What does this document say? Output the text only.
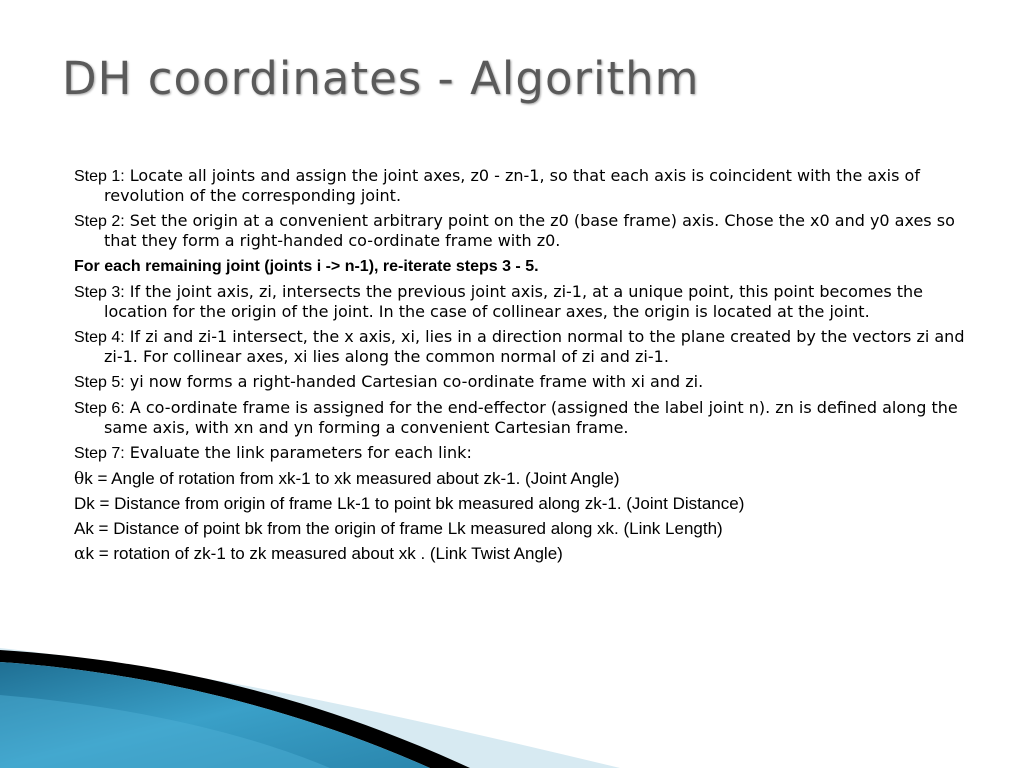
DH coordinates - Algorithm

Step 1: Locate all joints and assign the joint axes, z0 - zn-1, so that each axis is coincident with the axis of revolution of the corresponding joint.

Step 2: Set the origin at a convenient arbitrary point on the z0 (base frame) axis. Chose the x0 and y0 axes so that they form a right-handed co-ordinate frame with z0.

For each remaining joint (joints i -> n-1), re-iterate steps 3 - 5.

Step 3: If the joint axis, zi, intersects the previous joint axis, zi-1, at a unique point, this point becomes the location for the origin of the joint. In the case of collinear axes, the origin is located at the joint.

Step 4: If zi and zi-1 intersect, the x axis, xi, lies in a direction normal to the plane created by the vectors zi and zi-1. For collinear axes, xi lies along the common normal of zi and zi-1.

Step 5: yi now forms a right-handed Cartesian co-ordinate frame with xi and zi.

Step 6: A co-ordinate frame is assigned for the end-effector (assigned the label joint n). zn is defined along the same axis, with xn and yn forming a convenient Cartesian frame.

Step 7: Evaluate the link parameters for each link:

θk = Angle of rotation from xk-1 to xk measured about zk-1. (Joint Angle)

Dk = Distance from origin of frame Lk-1 to point bk measured along zk-1. (Joint Distance)

Ak = Distance of point bk from the origin of frame Lk measured along xk. (Link Length)

αk = rotation of zk-1 to zk measured about xk . (Link Twist Angle)
